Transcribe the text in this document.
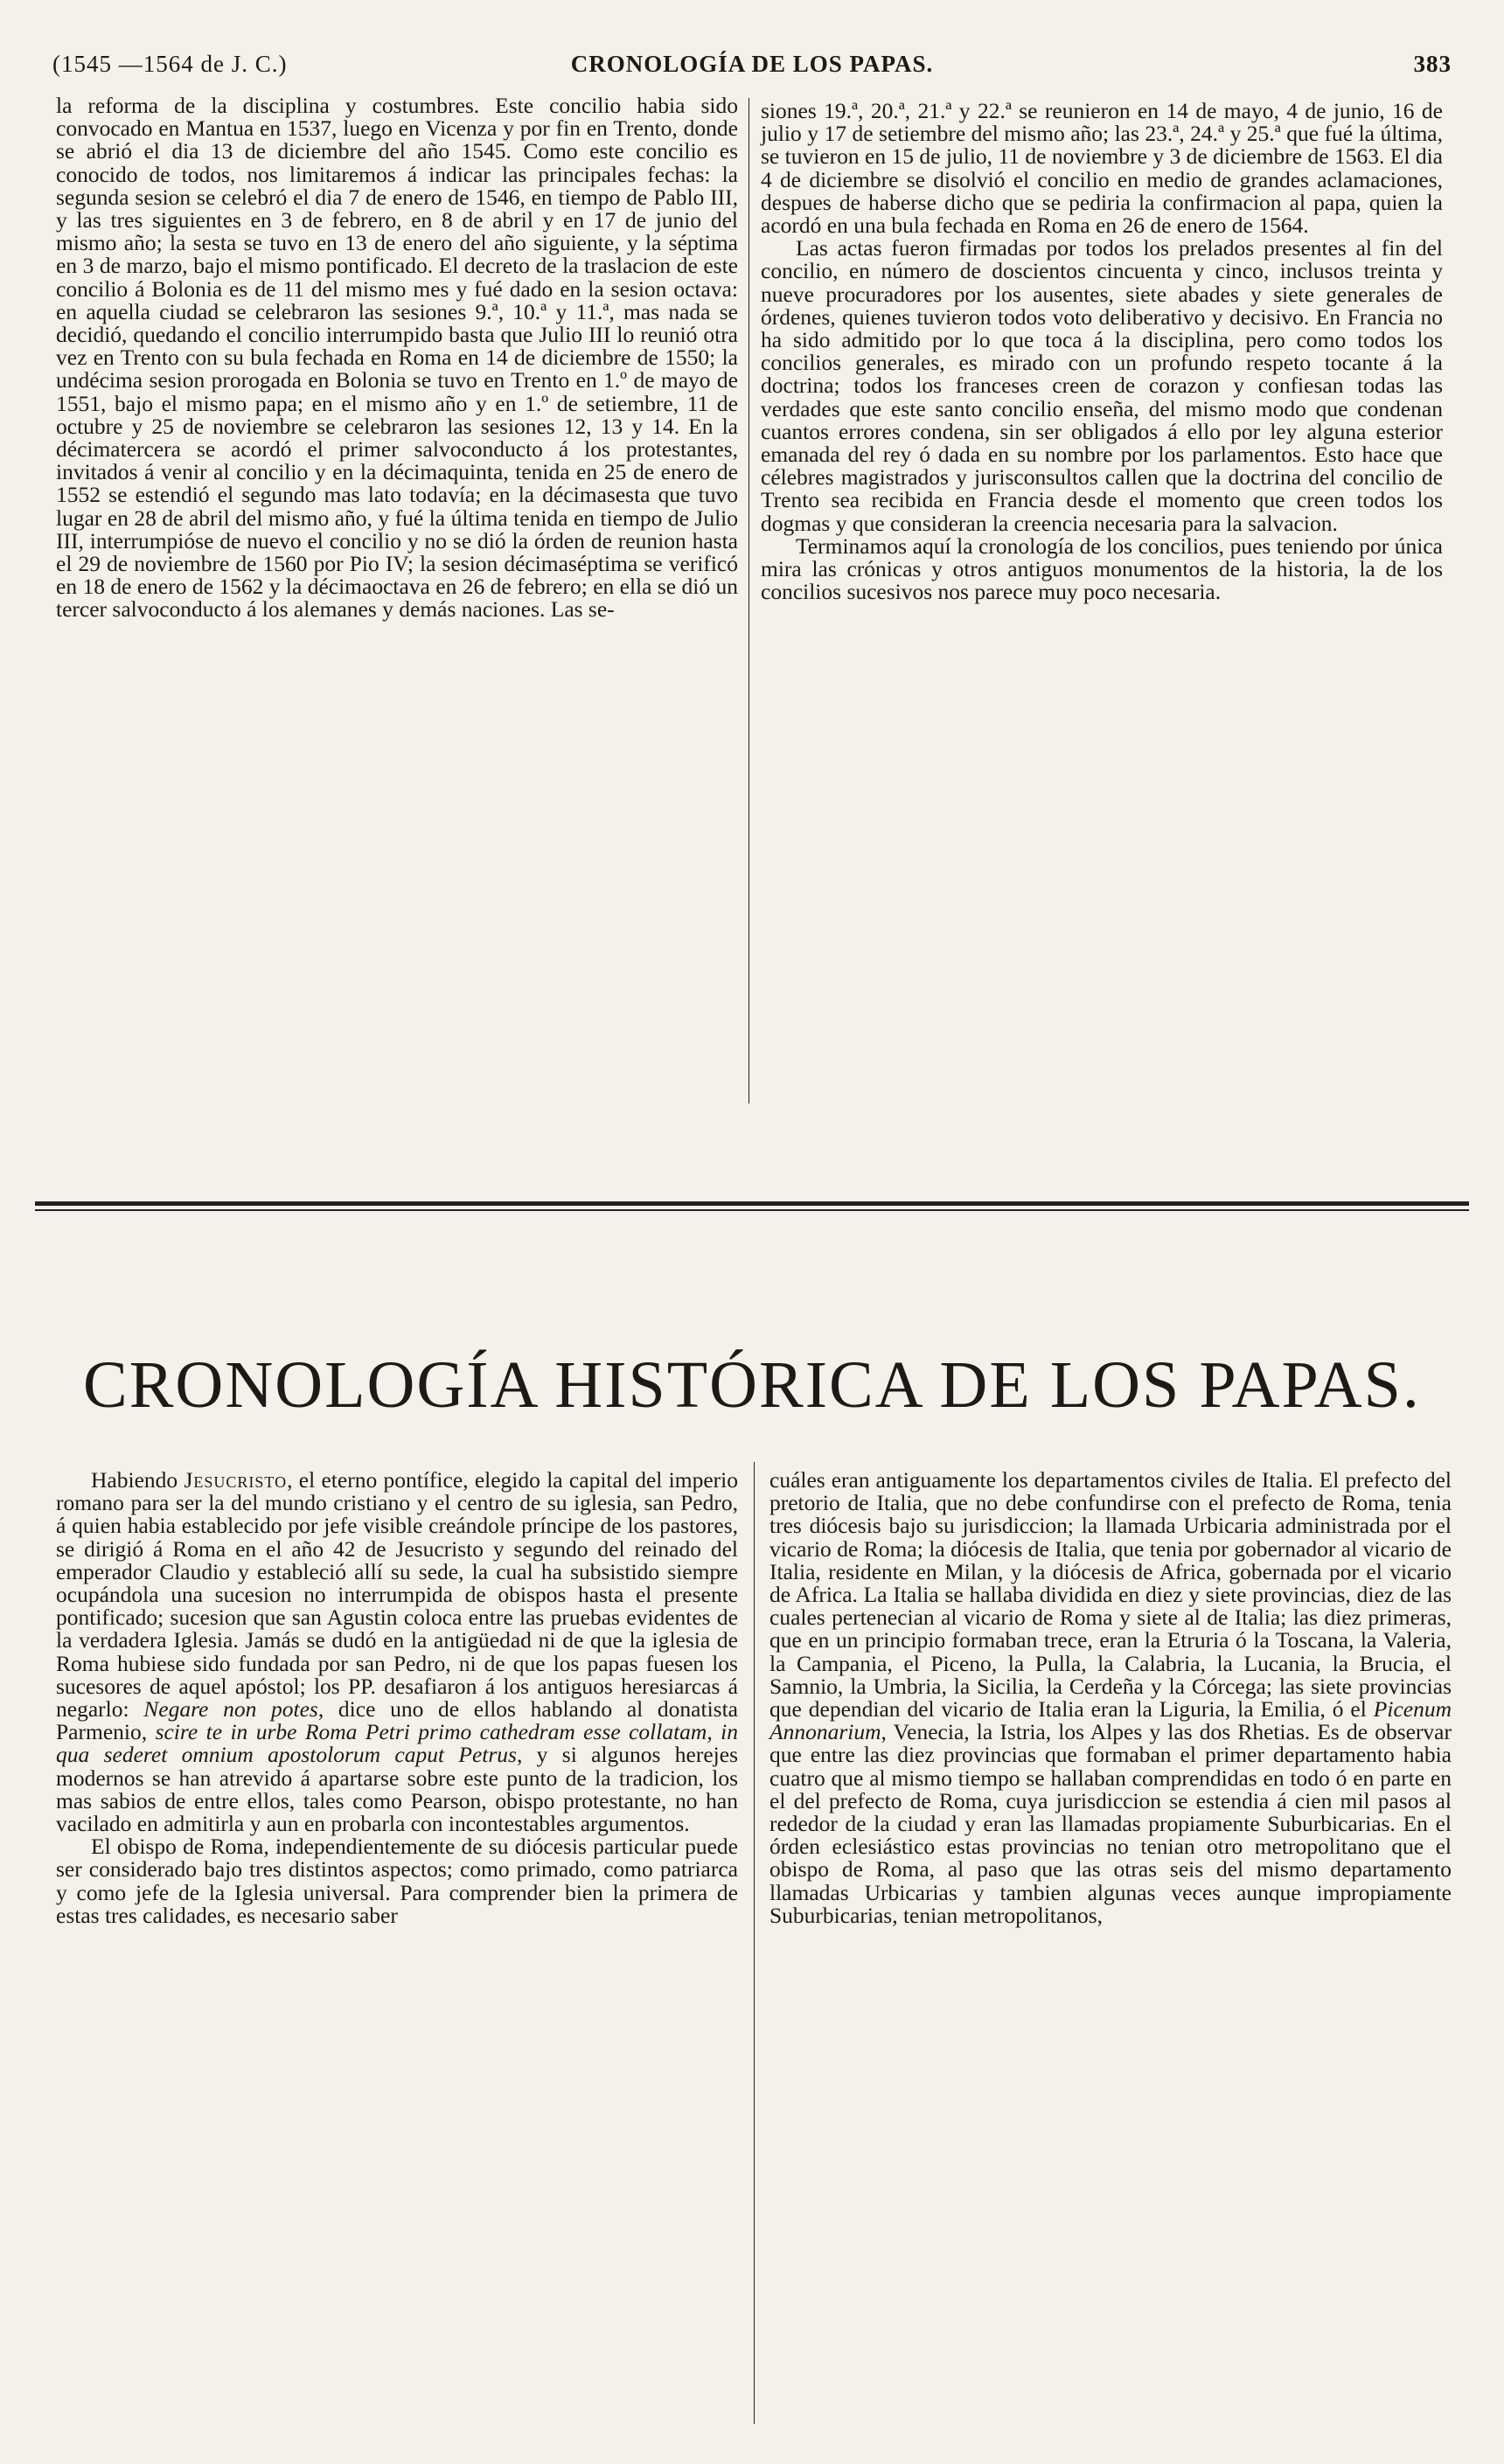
(1545 —1564 de J. C.)	CRONOLOGÍA DE LOS PAPAS.	383

la reforma de la disciplina y costumbres. Este concilio habia sido convocado en Mantua en 1537, luego en Vicenza y por fin en Trento, donde se abrió el dia 13 de diciembre del año 1545. Como este concilio es conocido de todos, nos limitaremos á indicar las principales fechas: la segunda sesion se celebró el dia 7 de enero de 1546, en tiempo de Pablo III, y las tres siguientes en 3 de febrero, en 8 de abril y en 17 de junio del mismo año; la sesta se tuvo en 13 de enero del año siguiente, y la séptima en 3 de marzo, bajo el mismo pontificado. El decreto de la traslacion de este concilio á Bolonia es de 11 del mismo mes y fué dado en la sesion octava: en aquella ciudad se celebraron las sesiones 9.ª, 10.ª y 11.ª, mas nada se decidió, quedando el concilio interrumpido basta que Julio III lo reunió otra vez en Trento con su bula fechada en Roma en 14 de diciembre de 1550; la undécima sesion prorogada en Bolonia se tuvo en Trento en 1.º de mayo de 1551, bajo el mismo papa; en el mismo año y en 1.º de setiembre, 11 de octubre y 25 de noviembre se celebraron las sesiones 12, 13 y 14. En la décimatercera se acordó el primer salvoconducto á los protestantes, invitados á venir al concilio y en la décimaquinta, tenida en 25 de enero de 1552 se estendió el segundo mas lato todavía; en la décimasesta que tuvo lugar en 28 de abril del mismo año, y fué la última tenida en tiempo de Julio III, interrumpióse de nuevo el concilio y no se dió la órden de reunion hasta el 29 de noviembre de 1560 por Pio IV; la sesion décimaséptima se verificó en 18 de enero de 1562 y la décimaoctava en 26 de febrero; en ella se dió un tercer salvoconducto á los alemanes y demás naciones. Las se-

siones 19.ª, 20.ª, 21.ª y 22.ª se reunieron en 14 de mayo, 4 de junio, 16 de julio y 17 de setiembre del mismo año; las 23.ª, 24.ª y 25.ª que fué la última, se tuvieron en 15 de julio, 11 de noviembre y 3 de diciembre de 1563. El dia 4 de diciembre se disolvió el concilio en medio de grandes aclamaciones, despues de haberse dicho que se pediria la confirmacion al papa, quien la acordó en una bula fechada en Roma en 26 de enero de 1564.

Las actas fueron firmadas por todos los prelados presentes al fin del concilio, en número de doscientos cincuenta y cinco, inclusos treinta y nueve procuradores por los ausentes, siete abades y siete generales de órdenes, quienes tuvieron todos voto deliberativo y decisivo. En Francia no ha sido admitido por lo que toca á la disciplina, pero como todos los concilios generales, es mirado con un profundo respeto tocante á la doctrina; todos los franceses creen de corazon y confiesan todas las verdades que este santo concilio enseña, del mismo modo que condenan cuantos errores condena, sin ser obligados á ello por ley alguna esterior emanada del rey ó dada en su nombre por los parlamentos. Esto hace que célebres magistrados y jurisconsultos callen que la doctrina del concilio de Trento sea recibida en Francia desde el momento que creen todos los dogmas y que consideran la creencia necesaria para la salvacion.

Terminamos aquí la cronología de los concilios, pues teniendo por única mira las crónicas y otros antiguos monumentos de la historia, la de los concilios sucesivos nos parece muy poco necesaria.

CRONOLOGÍA HISTÓRICA DE LOS PAPAS.

Habiendo Jesucristo, el eterno pontífice, elegido la capital del imperio romano para ser la del mundo cristiano y el centro de su iglesia, san Pedro, á quien habia establecido por jefe visible creándole príncipe de los pastores, se dirigió á Roma en el año 42 de Jesucristo y segundo del reinado del emperador Claudio y estableció allí su sede, la cual ha subsistido siempre ocupándola una sucesion no interrumpida de obispos hasta el presente pontificado; sucesion que san Agustin coloca entre las pruebas evidentes de la verdadera Iglesia. Jamás se dudó en la antigüedad ni de que la iglesia de Roma hubiese sido fundada por san Pedro, ni de que los papas fuesen los sucesores de aquel apóstol; los PP. desafiaron á los antiguos heresiarcas á negarlo: Negare non potes, dice uno de ellos hablando al donatista Parmenio, scire te in urbe Roma Petri primo cathedram esse collatam, in qua sederet omnium apostolorum caput Petrus, y si algunos herejes modernos se han atrevido á apartarse sobre este punto de la tradicion, los mas sabios de entre ellos, tales como Pearson, obispo protestante, no han vacilado en admitirla y aun en probarla con incontestables argumentos.

El obispo de Roma, independientemente de su diócesis particular puede ser considerado bajo tres distintos aspectos; como primado, como patriarca y como jefe de la Iglesia universal. Para comprender bien la primera de estas tres calidades, es necesario saber

cuáles eran antiguamente los departamentos civiles de Italia. El prefecto del pretorio de Italia, que no debe confundirse con el prefecto de Roma, tenia tres diócesis bajo su jurisdiccion; la llamada Urbicaria administrada por el vicario de Roma; la diócesis de Italia, que tenia por gobernador al vicario de Italia, residente en Milan, y la diócesis de Africa, gobernada por el vicario de Africa. La Italia se hallaba dividida en diez y siete provincias, diez de las cuales pertenecian al vicario de Roma y siete al de Italia; las diez primeras, que en un principio formaban trece, eran la Etruria ó la Toscana, la Valeria, la Campania, el Piceno, la Pulla, la Calabria, la Lucania, la Brucia, el Samnio, la Umbria, la Sicilia, la Cerdeña y la Córcega; las siete provincias que dependian del vicario de Italia eran la Liguria, la Emilia, ó el Picenum Annonarium, Venecia, la Istria, los Alpes y las dos Rhetias. Es de observar que entre las diez provincias que formaban el primer departamento habia cuatro que al mismo tiempo se hallaban comprendidas en todo ó en parte en el del prefecto de Roma, cuya jurisdiccion se estendia á cien mil pasos al rededor de la ciudad y eran las llamadas propiamente Suburbicarias. En el órden eclesiástico estas provincias no tenian otro metropolitano que el obispo de Roma, al paso que las otras seis del mismo departamento llamadas Urbicarias y tambien algunas veces aunque impropiamente Suburbicarias, tenian metropolitanos,
